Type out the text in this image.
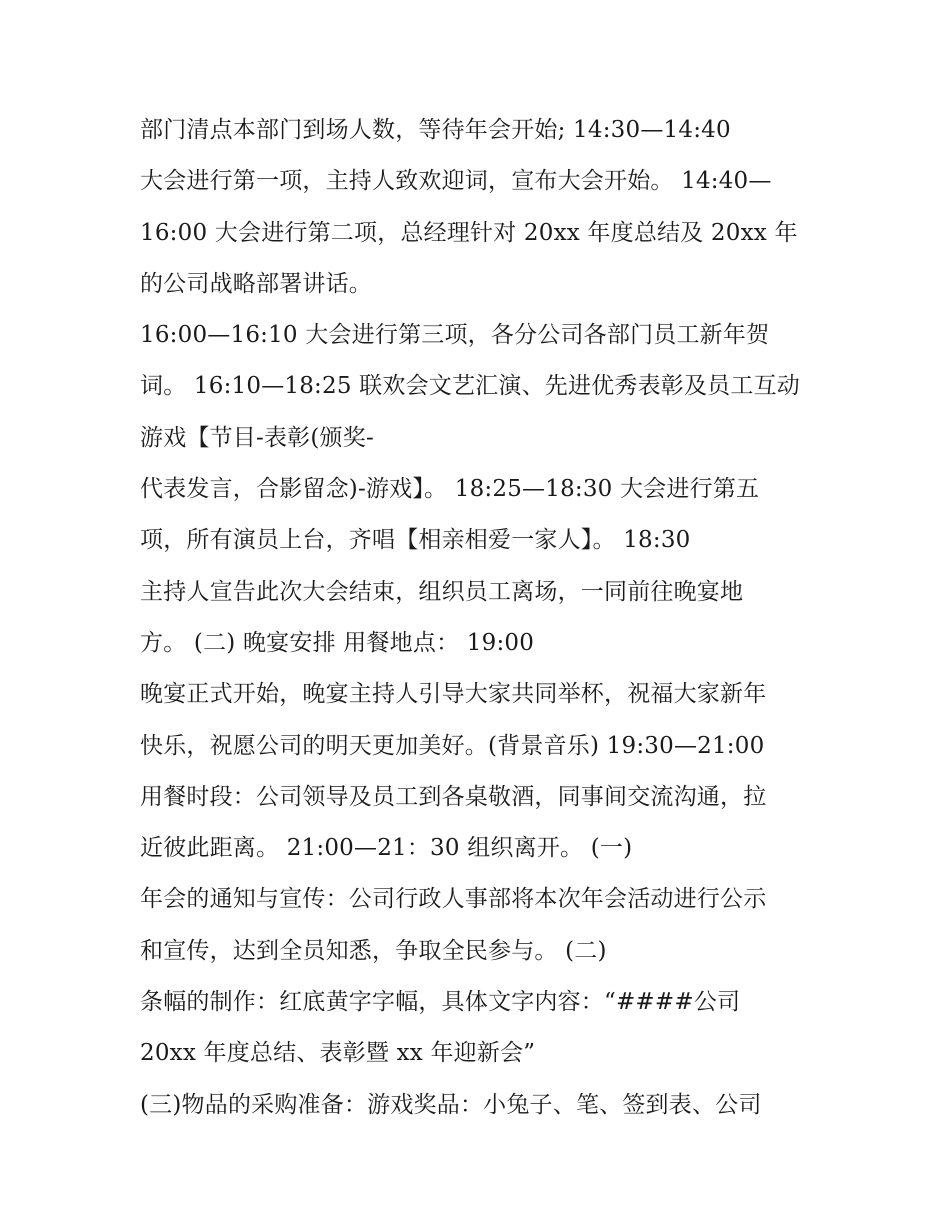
部门清点本部门到场人数，等待年会开始; 14:30—14:40
大会进行第一项，主持人致欢迎词，宣布大会开始。 14:40—
16:00 大会进行第二项，总经理针对 20xx 年度总结及 20xx 年
的公司战略部署讲话。
16:00—16:10 大会进行第三项，各分公司各部门员工新年贺
词。 16:10—18:25 联欢会文艺汇演、先进优秀表彰及员工互动
游戏【节目-表彰(颁奖-
代表发言，合影留念)-游戏】。 18:25—18:30 大会进行第五
项，所有演员上台，齐唱【相亲相爱一家人】。 18:30
主持人宣告此次大会结束，组织员工离场，一同前往晚宴地
方。 (二) 晚宴安排 用餐地点： 19:00
晚宴正式开始，晚宴主持人引导大家共同举杯，祝福大家新年
快乐，祝愿公司的明天更加美好。(背景音乐) 19:30—21:00
用餐时段：公司领导及员工到各桌敬酒，同事间交流沟通，拉
近彼此距离。 21:00—21：30 组织离开。 (一)
年会的通知与宣传：公司行政人事部将本次年会活动进行公示
和宣传，达到全员知悉，争取全民参与。 (二)
条幅的制作：红底黄字字幅，具体文字内容：“####公司
20xx 年度总结、表彰暨 xx 年迎新会”
(三)物品的采购准备：游戏奖品：小兔子、笔、签到表、公司
